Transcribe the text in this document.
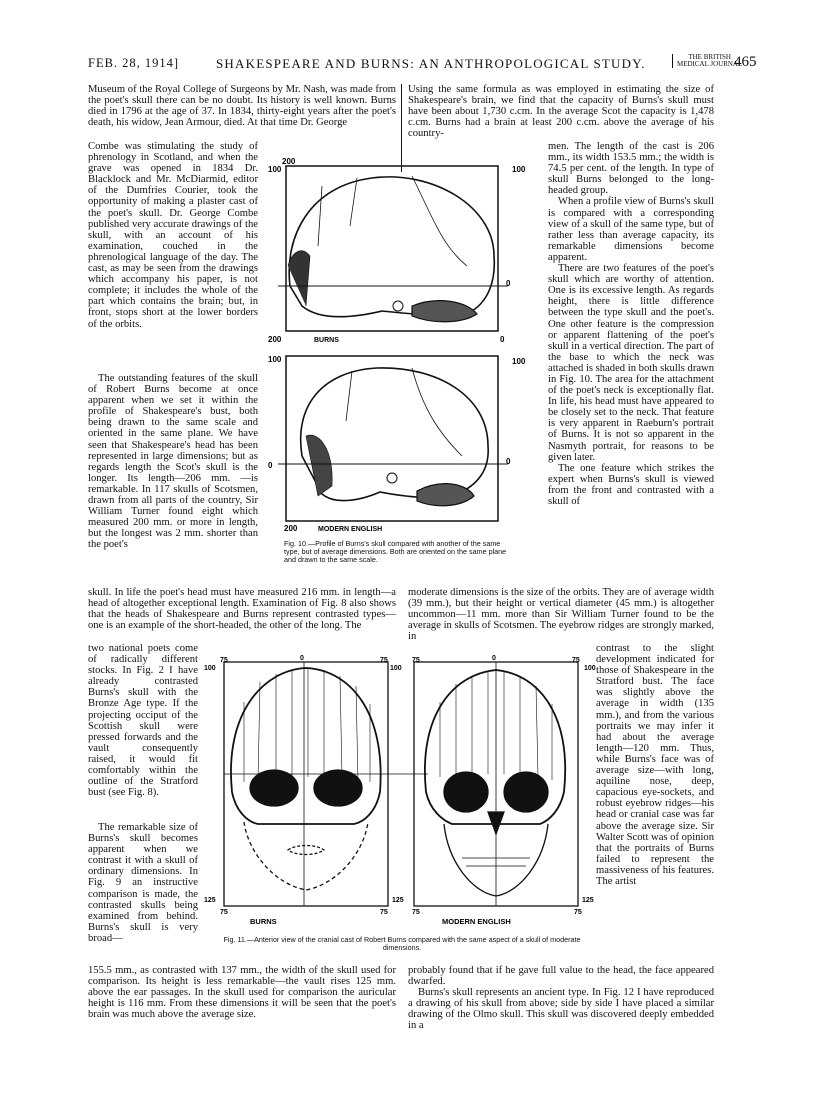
FEB. 28, 1914]	SHAKESPEARE AND BURNS: AN ANTHROPOLOGICAL STUDY.	THE BRITISH
MEDICAL JOURNAL
465

Museum of the Royal College of Surgeons by Mr. Nash, was made from the poet's skull there can be no doubt. Its history is well known. Burns died in 1796 at the age of 37. In 1834, thirty-eight years after the poet's death, his widow, Jean Armour, died. At that time Dr. George

Combe was stimulating the study of phrenology in Scotland, and when the grave was opened in 1834 Dr. Blacklock and Mr. McDiarmid, editor of the Dumfries Courier, took the opportunity of making a plaster cast of the poet's skull. Dr. George Combe published very accurate drawings of the skull, with an account of his examination, couched in the phrenological language of the day. The cast, as may be seen from the drawings which accompany his paper, is not complete; it includes the whole of the part which contains the brain; but, in front, stops short at the lower borders of the orbits.

The outstanding features of the skull of Robert Burns become at once apparent when we set it within the profile of Shakespeare's bust, both being drawn to the same scale and oriented in the same plane. We have seen that Shakespeare's head has been represented in large dimensions; but as regards length the Scot's skull is the longer. Its length—206 mm. —is remarkable. In 117 skulls of Scotsmen, drawn from all parts of the country, Sir William Turner found eight which measured 200 mm. or more in length, but the longest was 2 mm. shorter than the poet's

skull. In life the poet's head must have measured 216 mm. in length—a head of altogether exceptional length. Examination of Fig. 8 also shows that the heads of Shakespeare and Burns represent contrasted types—one is an example of the short-headed, the other of the long. The

two national poets come of radically different stocks. In Fig. 2 I have already contrasted Burns's skull with the Bronze Age type. If the projecting occiput of the Scottish skull were pressed forwards and the vault consequently raised, it would fit comfortably within the outline of the Stratford bust (see Fig. 8).

The remarkable size of Burns's skull becomes apparent when we contrast it with a skull of ordinary dimensions. In Fig. 9 an instructive comparison is made, the contrasted skulls being examined from behind. Burns's skull is very broad—

155.5 mm., as contrasted with 137 mm., the width of the skull used for comparison. Its height is less remarkable—the vault rises 125 mm. above the ear passages. In the skull used for comparison the auricular height is 116 mm. From these dimensions it will be seen that the poet's brain was much above the average size.

Using the same formula as was employed in estimating the size of Shakespeare's brain, we find that the capacity of Burns's skull must have been about 1,730 c.cm. In the average Scot the capacity is 1,478 c.cm. Burns had a brain at least 200 c.cm. above the average of his country-

men. The length of the cast is 206 mm., its width 153.5 mm.; the width is 74.5 per cent. of the length. In type of skull Burns belonged to the long-headed group.

When a profile view of Burns's skull is compared with a corresponding view of a skull of the same type, but of rather less than average capacity, its remarkable dimensions become apparent.

There are two features of the poet's skull which are worthy of attention. One is its excessive length. As regards height, there is little difference between the type skull and the poet's. One other feature is the compression or apparent flattening of the poet's skull in a vertical direction. The part of the base to which the neck was attached is shaded in both skulls drawn in Fig. 10. The area for the attachment of the poet's neck is exceptionally flat. In life, his head must have appeared to be closely set to the neck. That feature is very apparent in Raeburn's portrait of Burns. It is not so apparent in the Nasmyth portrait, for reasons to be given later.

The one feature which strikes the expert when Burns's skull is viewed from the front and contrasted with a skull of

moderate dimensions is the size of the orbits. They are of average width (39 mm.), but their height or vertical diameter (45 mm.) is altogether uncommon—11 mm. more than Sir William Turner found to be the average in skulls of Scotsmen. The eyebrow ridges are strongly marked, in

contrast to the slight development indicated for those of Shakespeare in the Stratford bust. The face was slightly above the average in width (135 mm.), and from the various portraits we may infer it had about the average length—120 mm. Thus, while Burns's face was of average size—with long, aquiline nose, deep, capacious eye-sockets, and robust eyebrow ridges—his head or cranial case was far above the average size. Sir Walter Scott was of opinion that the portraits of Burns failed to represent the massiveness of his features. The artist

probably found that if he gave full value to the head, the face appeared dwarfed.

Burns's skull represents an ancient type. In Fig. 12 I have reproduced a drawing of his skull from above; side by side I have placed a similar drawing of the Olmo skull. This skull was discovered deeply embedded in a

200
100	100
0
200	BURNS	0
100	100
0	0
200	MODERN ENGLISH
Fig. 10.—Profile of Burns's skull compared with another of the same type, but of average dimensions. Both are oriented on the same plane and drawn to the same scale.
75	0	75
100	100
75	0	75
100
125
75	75
125
75	75
125
BURNS	MODERN ENGLISH
Fig. 11.—Anterior view of the cranial cast of Robert Burns compared with the same aspect of a skull of moderate dimensions.
